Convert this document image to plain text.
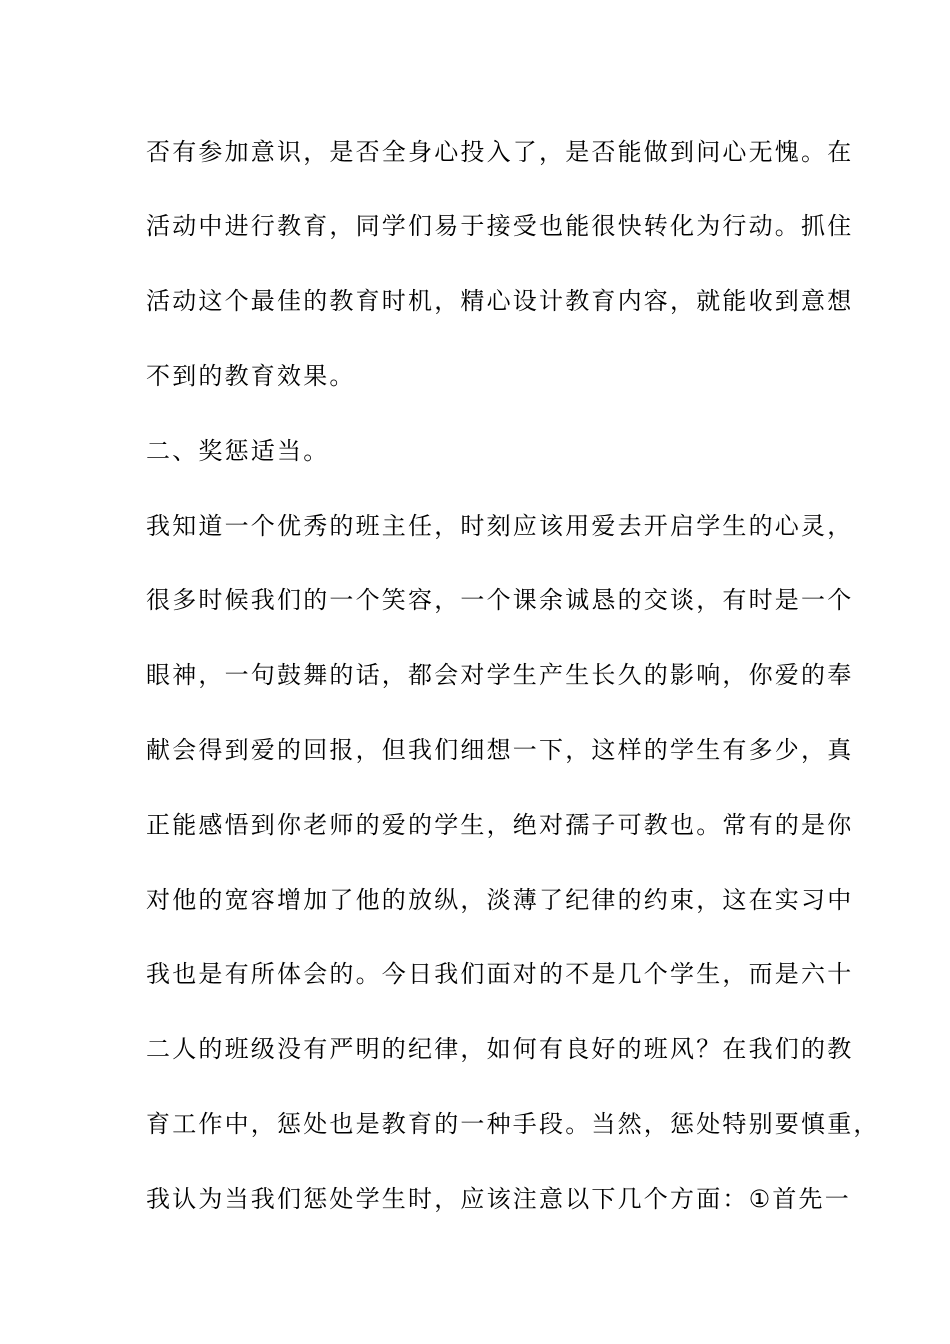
否有参加意识，是否全身心投入了，是否能做到问心无愧。在
活动中进行教育，同学们易于接受也能很快转化为行动。抓住
活动这个最佳的教育时机，精心设计教育内容，就能收到意想
不到的教育效果。
二、奖惩适当。
我知道一个优秀的班主任，时刻应该用爱去开启学生的心灵，
很多时候我们的一个笑容，一个课余诚恳的交谈，有时是一个
眼神，一句鼓舞的话，都会对学生产生长久的影响，你爱的奉
献会得到爱的回报，但我们细想一下，这样的学生有多少，真
正能感悟到你老师的爱的学生，绝对孺子可教也。常有的是你
对他的宽容增加了他的放纵，淡薄了纪律的约束，这在实习中
我也是有所体会的。今日我们面对的不是几个学生，而是六十
二人的班级没有严明的纪律，如何有良好的班风？在我们的教
育工作中，惩处也是教育的一种手段。当然，惩处特别要慎重，
我认为当我们惩处学生时，应该注意以下几个方面：①首先一
